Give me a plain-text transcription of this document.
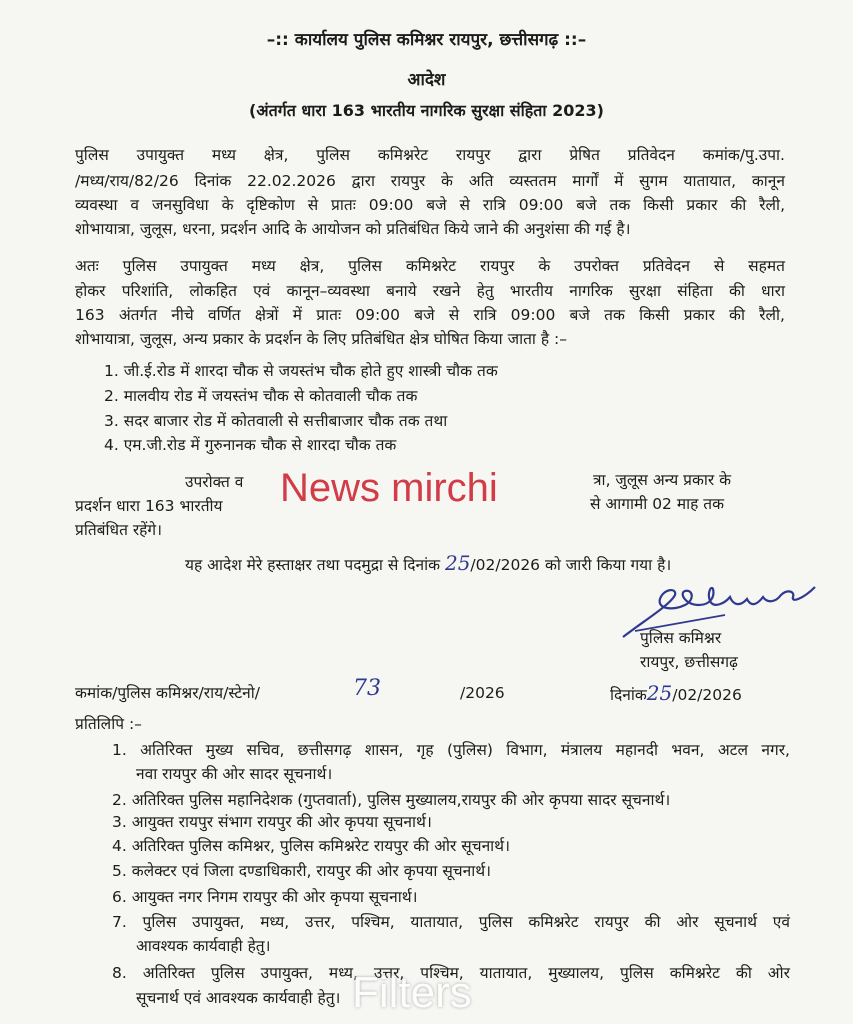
–:: कार्यालय पुलिस कमिश्नर रायपुर, छत्तीसगढ़ ::–
आदेश
(अंतर्गत धारा 163 भारतीय नागरिक सुरक्षा संहिता 2023)
पुलिस उपायुक्त मध्य क्षेत्र, पुलिस कमिश्नरेट रायपुर द्वारा प्रेषित प्रतिवेदन कमांक/पु.उपा.
/मध्य/राय/82/26 दिनांक 22.02.2026 द्वारा रायपुर के अति व्यस्ततम मार्गों में सुगम यातायात, कानून
व्यवस्था व जनसुविधा के दृष्टिकोण से प्रातः 09:00 बजे से रात्रि 09:00 बजे तक किसी प्रकार की रैली,
शोभायात्रा, जुलूस, धरना, प्रदर्शन आदि के आयोजन को प्रतिबंधित किये जाने की अनुशंसा की गई है।
अतः पुलिस उपायुक्त मध्य क्षेत्र, पुलिस कमिश्नरेट रायपुर के उपरोक्त प्रतिवेदन से सहमत
होकर परिशांति, लोकहित एवं कानून–व्यवस्था बनाये रखने हेतु भारतीय नागरिक सुरक्षा संहिता की धारा
163 अंतर्गत नीचे वर्णित क्षेत्रों में प्रातः 09:00 बजे से रात्रि 09:00 बजे तक किसी प्रकार की रैली,
शोभायात्रा, जुलूस, अन्य प्रकार के प्रदर्शन के लिए प्रतिबंधित क्षेत्र घोषित किया जाता है :–
1. जी.ई.रोड में शारदा चौक से जयस्तंभ चौक होते हुए शास्त्री चौक तक
2. मालवीय रोड में जयस्तंभ चौक से कोतवाली चौक तक
3. सदर बाजार रोड में कोतवाली से सत्तीबाजार चौक तक तथा
4. एम.जी.रोड में गुरुनानक चौक से शारदा चौक तक
उपरोक्त व	त्रा, जुलूस अन्य प्रकार के
प्रदर्शन धारा 163 भारतीय	से आगामी 02 माह तक
प्रतिबंधित रहेंगे।
यह आदेश मेरे हस्ताक्षर तथा पदमुद्रा से दिनांक 25/02/2026 को जारी किया गया है।
पुलिस कमिश्नर
रायपुर, छत्तीसगढ़
कमांक/पुलिस कमिश्नर/राय/स्टेनो/	73	/2026	दिनांक25/02/2026
प्रतिलिपि :–
1. अतिरिक्त मुख्य सचिव, छत्तीसगढ़ शासन, गृह (पुलिस) विभाग, मंत्रालय महानदी भवन, अटल नगर,
नवा रायपुर की ओर सादर सूचनार्थ।
2. अतिरिक्त पुलिस महानिदेशक (गुप्तवार्ता), पुलिस मुख्यालय,रायपुर की ओर कृपया सादर सूचनार्थ।
3. आयुक्त रायपुर संभाग रायपुर की ओर कृपया सूचनार्थ।
4. अतिरिक्त पुलिस कमिश्नर, पुलिस कमिश्नरेट रायपुर की ओर सूचनार्थ।
5. कलेक्टर एवं जिला दण्डाधिकारी, रायपुर की ओर कृपया सूचनार्थ।
6. आयुक्त नगर निगम रायपुर की ओर कृपया सूचनार्थ।
7. पुलिस उपायुक्त, मध्य, उत्तर, पश्चिम, यातायात, पुलिस कमिश्नरेट रायपुर की ओर सूचनार्थ एवं
आवश्यक कार्यवाही हेतु।
8. अतिरिक्त पुलिस उपायुक्त, मध्य, उत्तर, पश्चिम, यातायात, मुख्यालय, पुलिस कमिश्नरेट की ओर
सूचनार्थ एवं आवश्यक कार्यवाही हेतु।
News mirchi
Filters
